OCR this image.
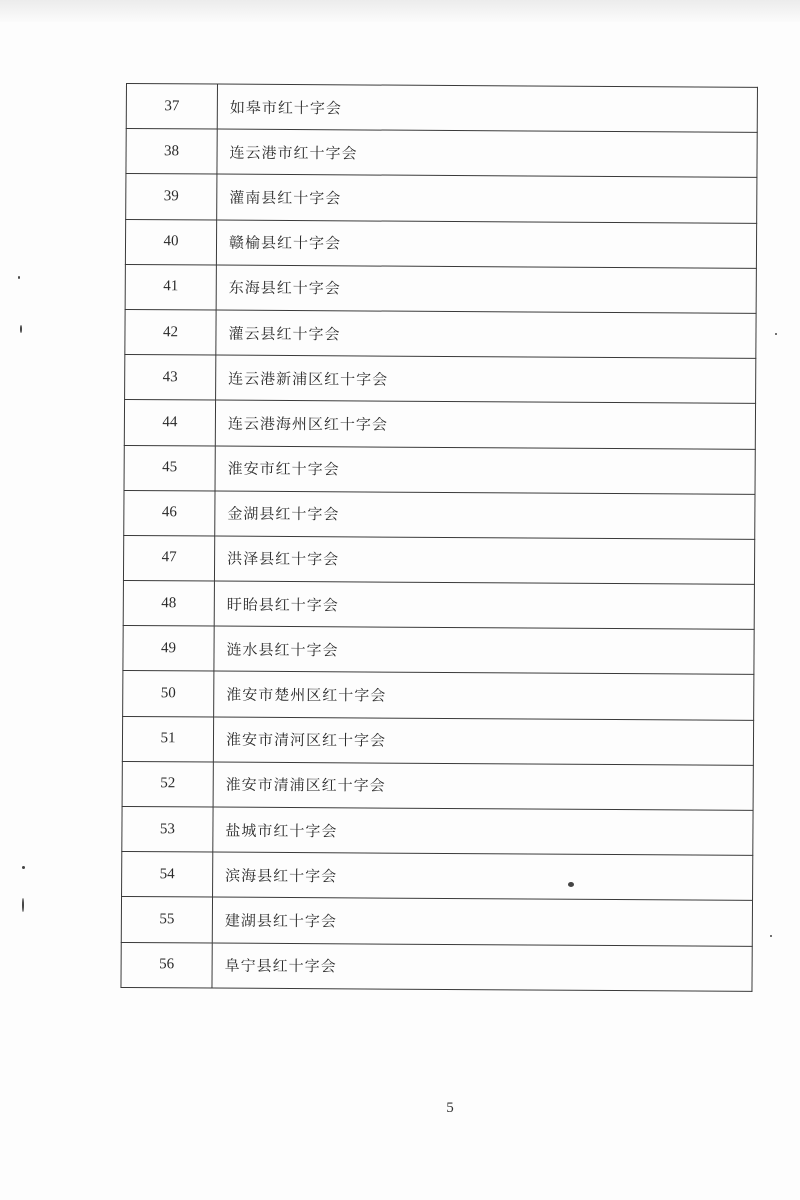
37	如皋市红十字会
38	连云港市红十字会
39	灌南县红十字会
40	赣榆县红十字会
41	东海县红十字会
42	灌云县红十字会
43	连云港新浦区红十字会
44	连云港海州区红十字会
45	淮安市红十字会
46	金湖县红十字会
47	洪泽县红十字会
48	盱眙县红十字会
49	涟水县红十字会
50	淮安市楚州区红十字会
51	淮安市清河区红十字会
52	淮安市清浦区红十字会
53	盐城市红十字会
54	滨海县红十字会
55	建湖县红十字会
56	阜宁县红十字会
5
